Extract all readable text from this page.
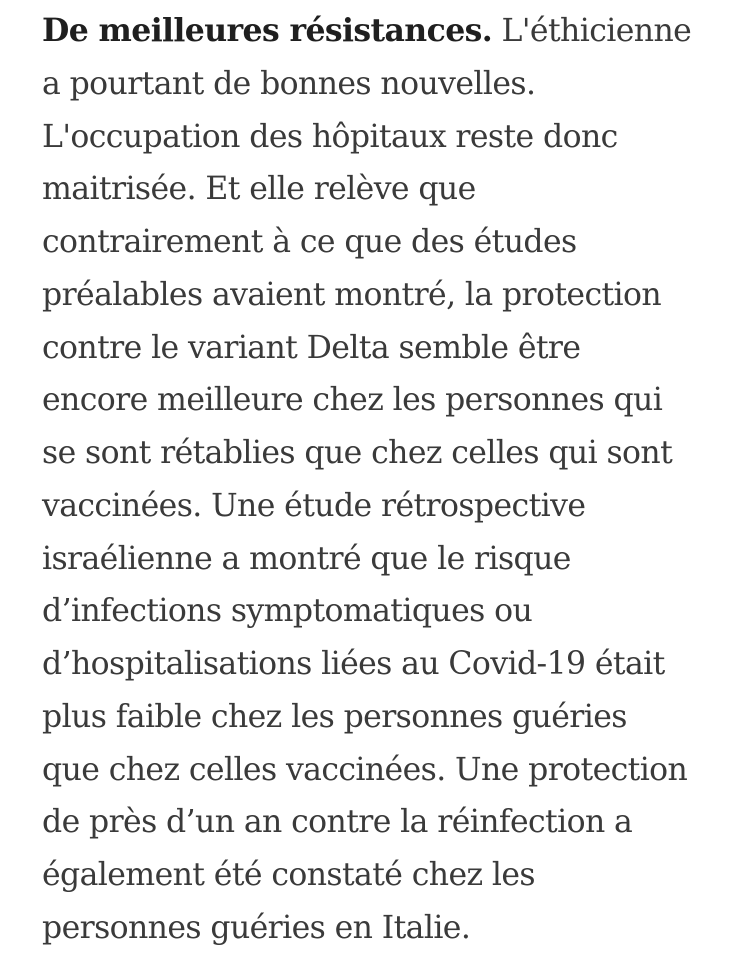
De meilleures résistances. L'éthicienne
a pourtant de bonnes nouvelles.
L'occupation des hôpitaux reste donc
maitrisée. Et elle relève que
contrairement à ce que des études
préalables avaient montré, la protection
contre le variant Delta semble être
encore meilleure chez les personnes qui
se sont rétablies que chez celles qui sont
vaccinées. Une étude rétrospective
israélienne a montré que le risque
d’infections symptomatiques ou
d’hospitalisations liées au Covid-19 était
plus faible chez les personnes guéries
que chez celles vaccinées. Une protection
de près d’un an contre la réinfection a
également été constaté chez les
personnes guéries en Italie.
